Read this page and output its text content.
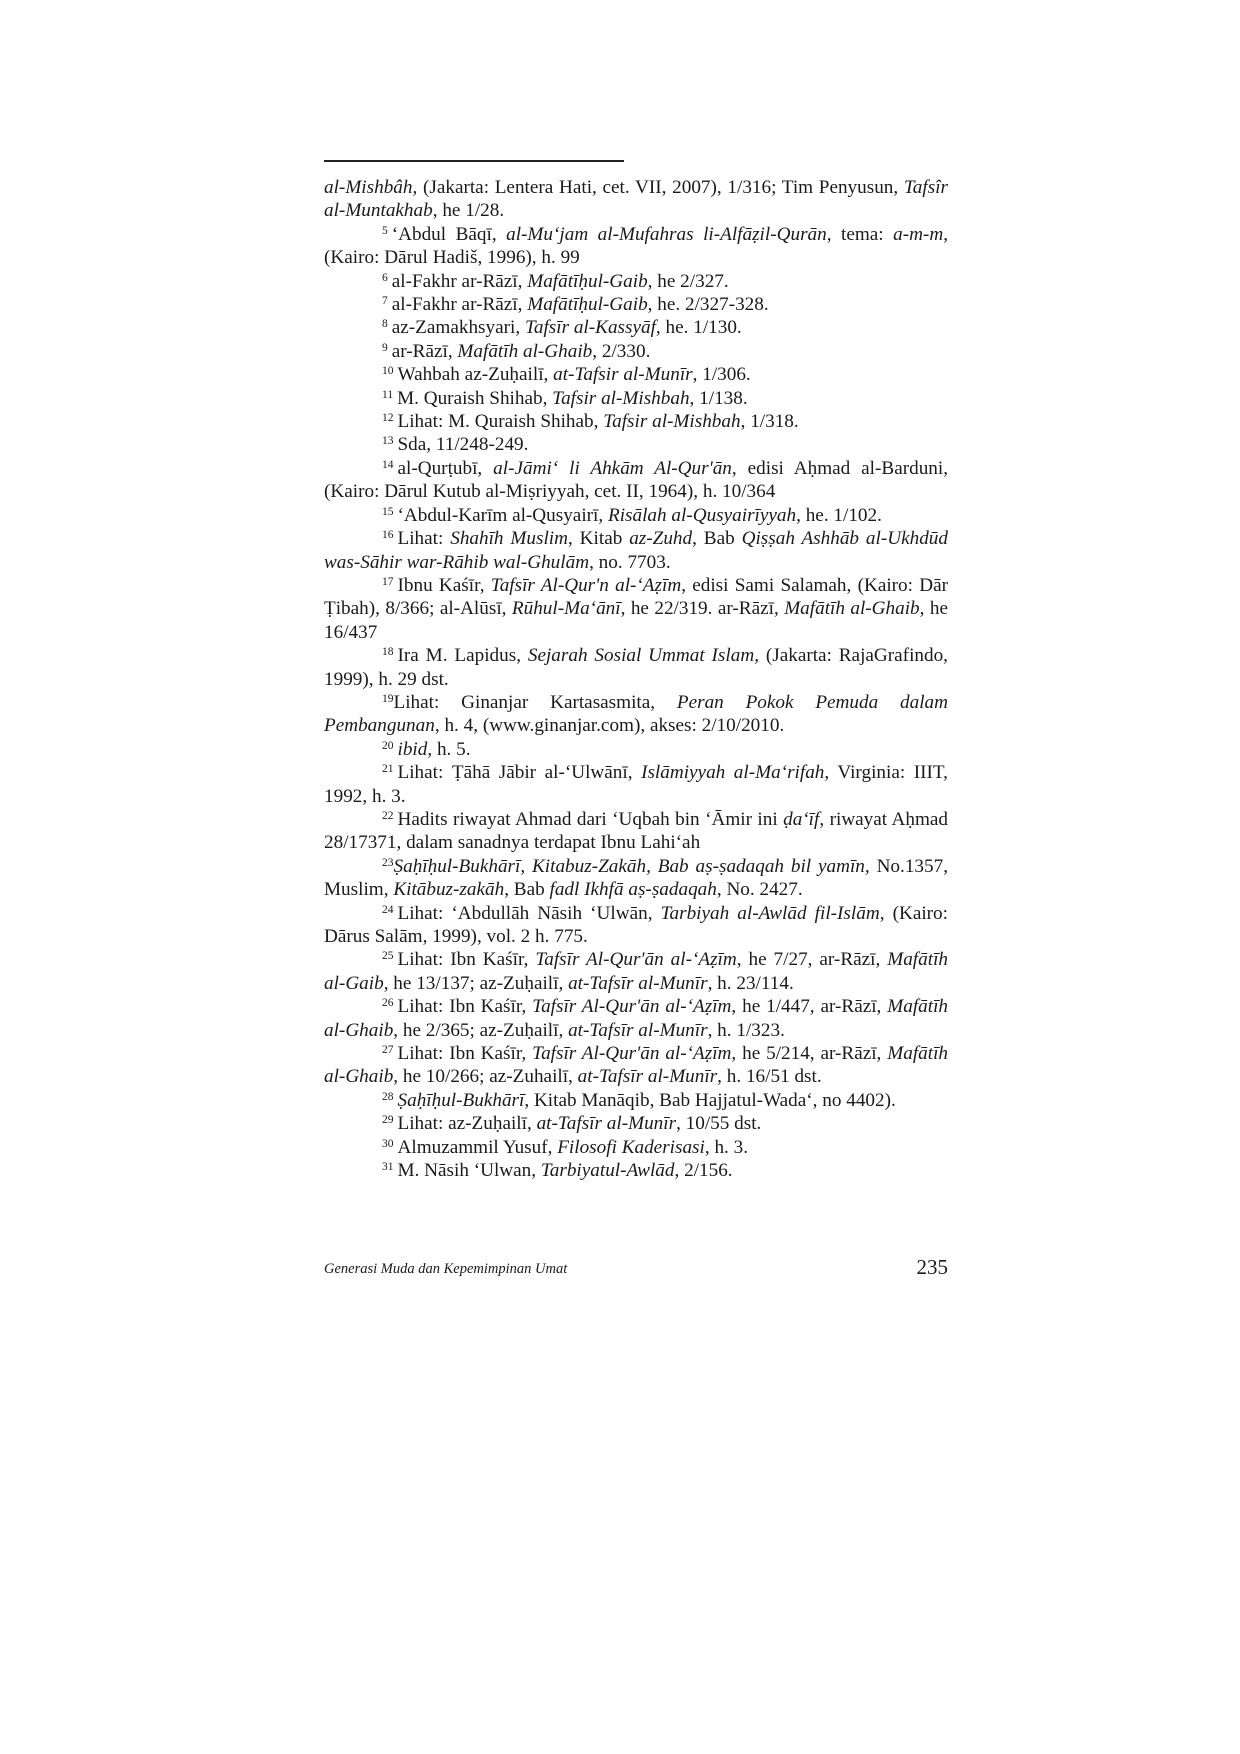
al-Mishbâh, (Jakarta: Lentera Hati, cet. VII, 2007), 1/316; Tim Penyusun, Tafsîr al-Muntakhab, he 1/28.

$^5$ ‘Abdul Bāqī, al-Mu‘jam al-Mufahras li-Alfāẓil-Qurān, tema: a-m-m, (Kairo: Dārul Hadiš, 1996), h. 99

$^6$ al-Fakhr ar-Rāzī, Mafātīḥul-Gaib, he 2/327.

$^7$ al-Fakhr ar-Rāzī, Mafātīḥul-Gaib, he. 2/327-328.

$^8$ az-Zamakhsyari, Tafsīr al-Kassyāf, he. 1/130.

$^9$ ar-Rāzī, Mafātīh al-Ghaib, 2/330.

$^{10}$ Wahbah az-Zuḥailī, at-Tafsir al-Munīr, 1/306.

$^{11}$ M. Quraish Shihab, Tafsir al-Mishbah, 1/138.

$^{12}$ Lihat: M. Quraish Shihab, Tafsir al-Mishbah, 1/318.

$^{13}$ Sda, 11/248-249.

$^{14}$ al-Qurṭubī, al-Jāmi‘ li Ahkām Al-Qur'ān, edisi Aḥmad al-Barduni, (Kairo: Dārul Kutub al-Miṣriyyah, cet. II, 1964), h. 10/364

$^{15}$ ‘Abdul-Karīm al-Qusyairī, Risālah al-Qusyairīyyah, he. 1/102.

$^{16}$ Lihat: Shahīh Muslim, Kitab az-Zuhd, Bab Qiṣṣah Ashhāb al-Ukhdūd was-Sāhir war-Rāhib wal-Ghulām, no. 7703.

$^{17}$ Ibnu Kaśīr, Tafsīr Al-Qur'n al-‘Aẓīm, edisi Sami Salamah, (Kairo: Dār Ṭibah), 8/366; al-Alūsī, Rūhul-Ma‘ānī, he 22/319. ar-Rāzī, Mafātīh al-Ghaib, he 16/437

$^{18}$ Ira M. Lapidus, Sejarah Sosial Ummat Islam, (Jakarta: RajaGrafindo, 1999), h. 29 dst.

$^{19}$Lihat: Ginanjar Kartasasmita, Peran Pokok Pemuda dalam Pembangunan, h. 4, (www.ginanjar.com), akses: 2/10/2010.

$^{20}$ ibid, h. 5.

$^{21}$ Lihat: Ṭāhā Jābir al-‘Ulwānī, Islāmiyyah al-Ma‘rifah, Virginia: IIIT, 1992, h. 3.

$^{22}$ Hadits riwayat Ahmad dari ‘Uqbah bin ‘Āmir ini ḍa‘īf, riwayat Aḥmad 28/17371, dalam sanadnya terdapat Ibnu Lahi‘ah

$^{23}$Ṣaḥīḥul-Bukhārī, Kitabuz-Zakāh, Bab aṣ-ṣadaqah bil yamīn, No.1357, Muslim, Kitābuz-zakāh, Bab fadl Ikhfā aṣ-ṣadaqah, No. 2427.

$^{24}$ Lihat: ‘Abdullāh Nāsih ‘Ulwān, Tarbiyah al-Awlād fil-Islām, (Kairo: Dārus Salām, 1999), vol. 2 h. 775.

$^{25}$ Lihat: Ibn Kaśīr, Tafsīr Al-Qur'ān al-‘Aẓīm, he 7/27, ar-Rāzī, Mafātīh al-Gaib, he 13/137; az-Zuḥailī, at-Tafsīr al-Munīr, h. 23/114.

$^{26}$ Lihat: Ibn Kaśīr, Tafsīr Al-Qur'ān al-‘Aẓīm, he 1/447, ar-Rāzī, Mafātīh al-Ghaib, he 2/365; az-Zuḥailī, at-Tafsīr al-Munīr, h. 1/323.

$^{27}$ Lihat: Ibn Kaśīr, Tafsīr Al-Qur'ān al-‘Aẓīm, he 5/214, ar-Rāzī, Mafātīh al-Ghaib, he 10/266; az-Zuhailī, at-Tafsīr al-Munīr, h. 16/51 dst.

$^{28}$ Ṣaḥīḥul-Bukhārī, Kitab Manāqib, Bab Hajjatul-Wada‘, no 4402).

$^{29}$ Lihat: az-Zuḥailī, at-Tafsīr al-Munīr, 10/55 dst.

$^{30}$ Almuzammil Yusuf, Filosofi Kaderisasi, h. 3.

$^{31}$ M. Nāsih ‘Ulwan, Tarbiyatul-Awlād, 2/156.

Generasi Muda dan Kepemimpinan Umat	235
